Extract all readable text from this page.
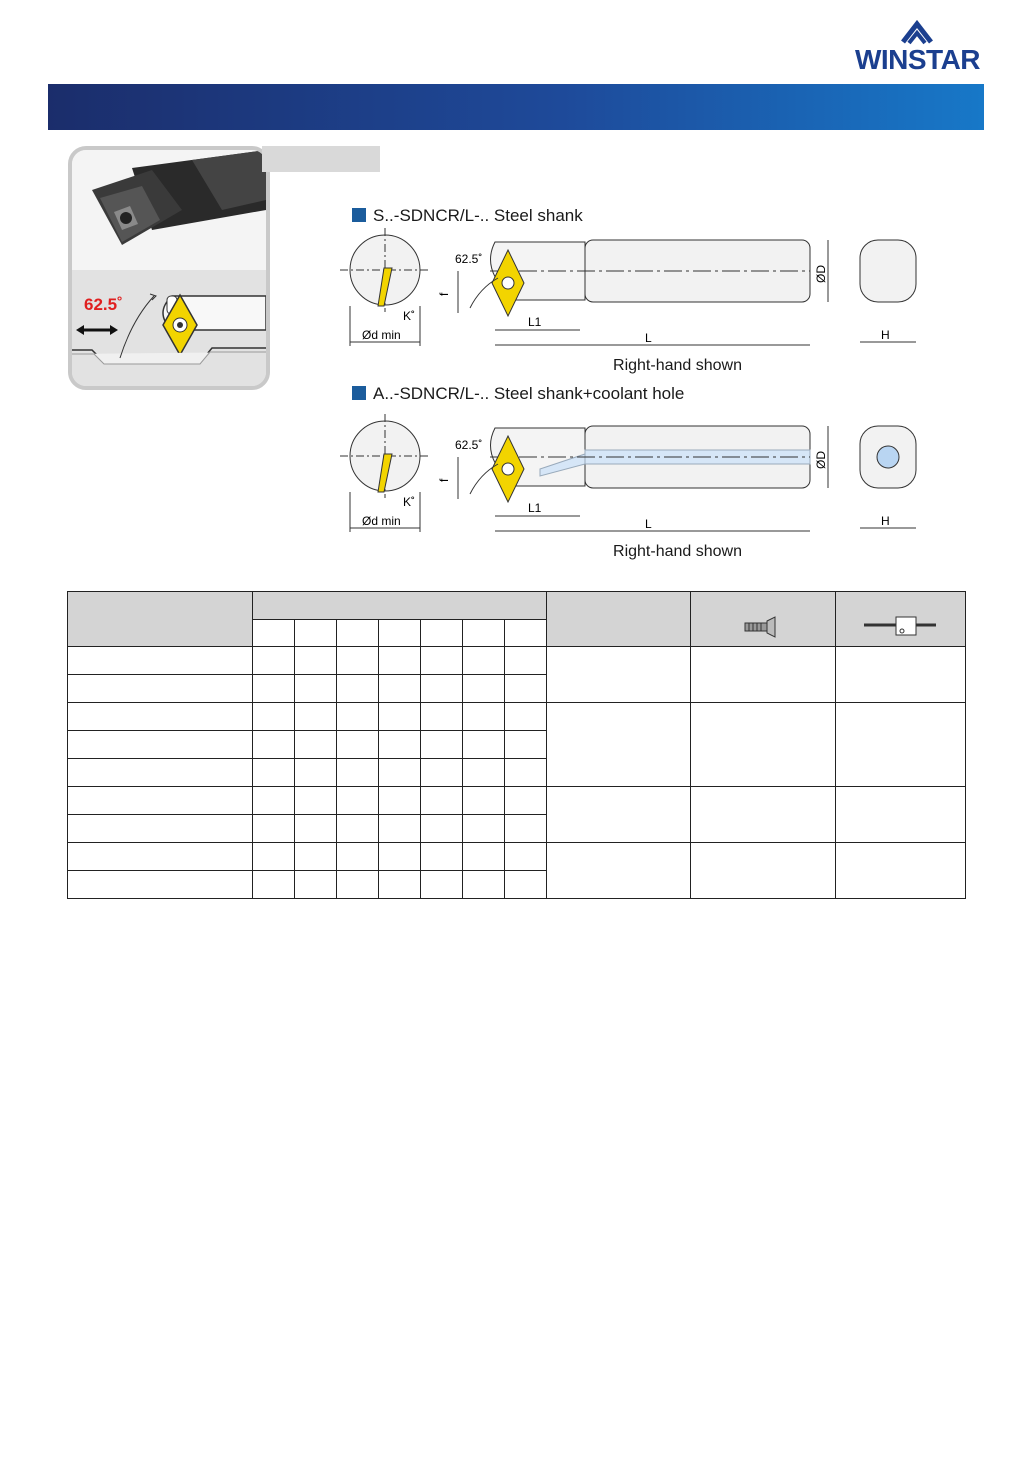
WINSTAR
62.5˚
S..-SDNCR/L-.. Steel shank
Ød min
K˚
62.5˚
f
L1
L
ØD
H
Right-hand shown
A..-SDNCR/L-.. Steel shank+coolant hole
Ød min
K˚
62.5˚
f
L1
L
ØD
H
Right-hand shown
